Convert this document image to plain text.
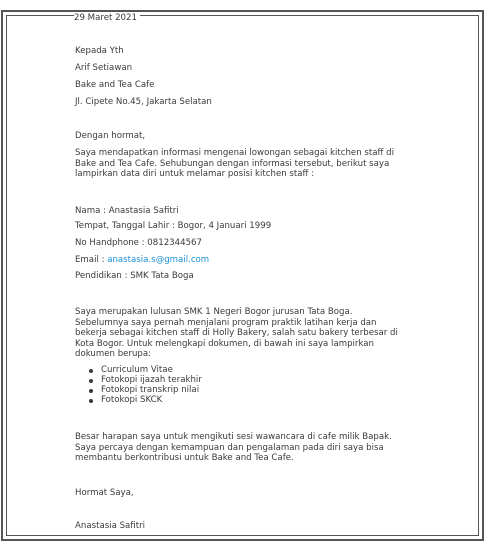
29 Maret 2021
Kepada Yth
Arif Setiawan
Bake and Tea Cafe
Jl. Cipete No.45, Jakarta Selatan
Dengan hormat,
Saya mendapatkan informasi mengenai lowongan sebagai kitchen staff di
Bake and Tea Cafe. Sehubungan dengan informasi tersebut, berikut saya
lampirkan data diri untuk melamar posisi kitchen staff :
Nama : Anastasia Safitri
Tempat, Tanggal Lahir : Bogor, 4 Januari 1999
No Handphone : 0812344567
Email : anastasia.s@gmail.com
Pendidikan : SMK Tata Boga
Saya merupakan lulusan SMK 1 Negeri Bogor jurusan Tata Boga.
Sebelumnya saya pernah menjalani program praktik latihan kerja dan
bekerja sebagai kitchen staff di Holly Bakery, salah satu bakery terbesar di
Kota Bogor. Untuk melengkapi dokumen, di bawah ini saya lampirkan
dokumen berupa:
Curriculum Vitae
Fotokopi ijazah terakhir
Fotokopi transkrip nilai
Fotokopi SKCK
Besar harapan saya untuk mengikuti sesi wawancara di cafe milik Bapak.
Saya percaya dengan kemampuan dan pengalaman pada diri saya bisa
membantu berkontribusi untuk Bake and Tea Cafe.
Hormat Saya,
Anastasia Safitri
